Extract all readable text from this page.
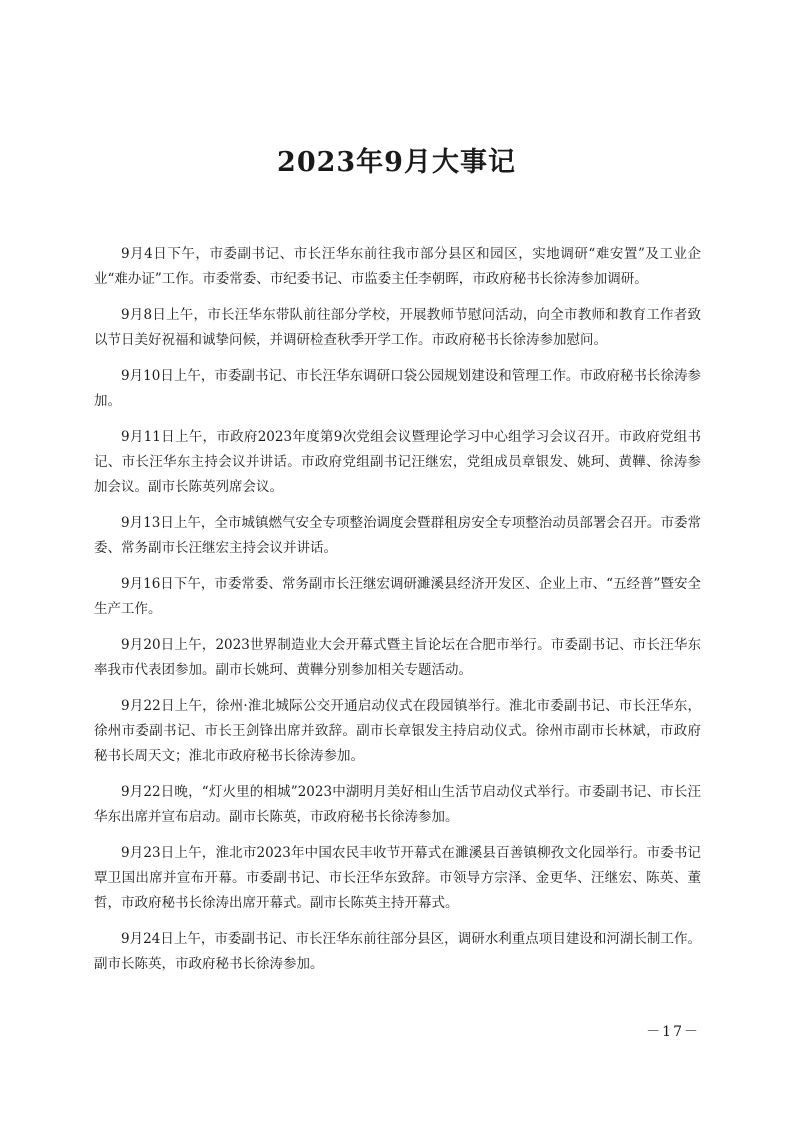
2023年9月大事记

9月4日下午，市委副书记、市长汪华东前往我市部分县区和园区，实地调研“难安置”及工业企业“难办证”工作。市委常委、市纪委书记、市监委主任李朝晖，市政府秘书长徐涛参加调研。

9月8日上午，市长汪华东带队前往部分学校，开展教师节慰问活动，向全市教师和教育工作者致以节日美好祝福和诚挚问候，并调研检查秋季开学工作。市政府秘书长徐涛参加慰问。

9月10日上午，市委副书记、市长汪华东调研口袋公园规划建设和管理工作。市政府秘书长徐涛参加。

9月11日上午，市政府2023年度第9次党组会议暨理论学习中心组学习会议召开。市政府党组书记、市长汪华东主持会议并讲话。市政府党组副书记汪继宏，党组成员章银发、姚珂、黄鞾、徐涛参加会议。副市长陈英列席会议。

9月13日上午，全市城镇燃气安全专项整治调度会暨群租房安全专项整治动员部署会召开。市委常委、常务副市长汪继宏主持会议并讲话。

9月16日下午，市委常委、常务副市长汪继宏调研濉溪县经济开发区、企业上市、“五经普”暨安全生产工作。

9月20日上午，2023世界制造业大会开幕式暨主旨论坛在合肥市举行。市委副书记、市长汪华东率我市代表团参加。副市长姚珂、黄鞾分别参加相关专题活动。

9月22日上午，徐州·淮北城际公交开通启动仪式在段园镇举行。淮北市委副书记、市长汪华东，徐州市委副书记、市长王剑锋出席并致辞。副市长章银发主持启动仪式。徐州市副市长林斌，市政府秘书长周天文；淮北市政府秘书长徐涛参加。

9月22日晚，“灯火里的相城”2023中湖明月美好相山生活节启动仪式举行。市委副书记、市长汪华东出席并宣布启动。副市长陈英，市政府秘书长徐涛参加。

9月23日上午，淮北市2023年中国农民丰收节开幕式在濉溪县百善镇柳孜文化园举行。市委书记覃卫国出席并宣布开幕。市委副书记、市长汪华东致辞。市领导方宗泽、金更华、汪继宏、陈英、董哲，市政府秘书长徐涛出席开幕式。副市长陈英主持开幕式。

9月24日上午，市委副书记、市长汪华东前往部分县区，调研水利重点项目建设和河湖长制工作。副市长陈英，市政府秘书长徐涛参加。

－17－
